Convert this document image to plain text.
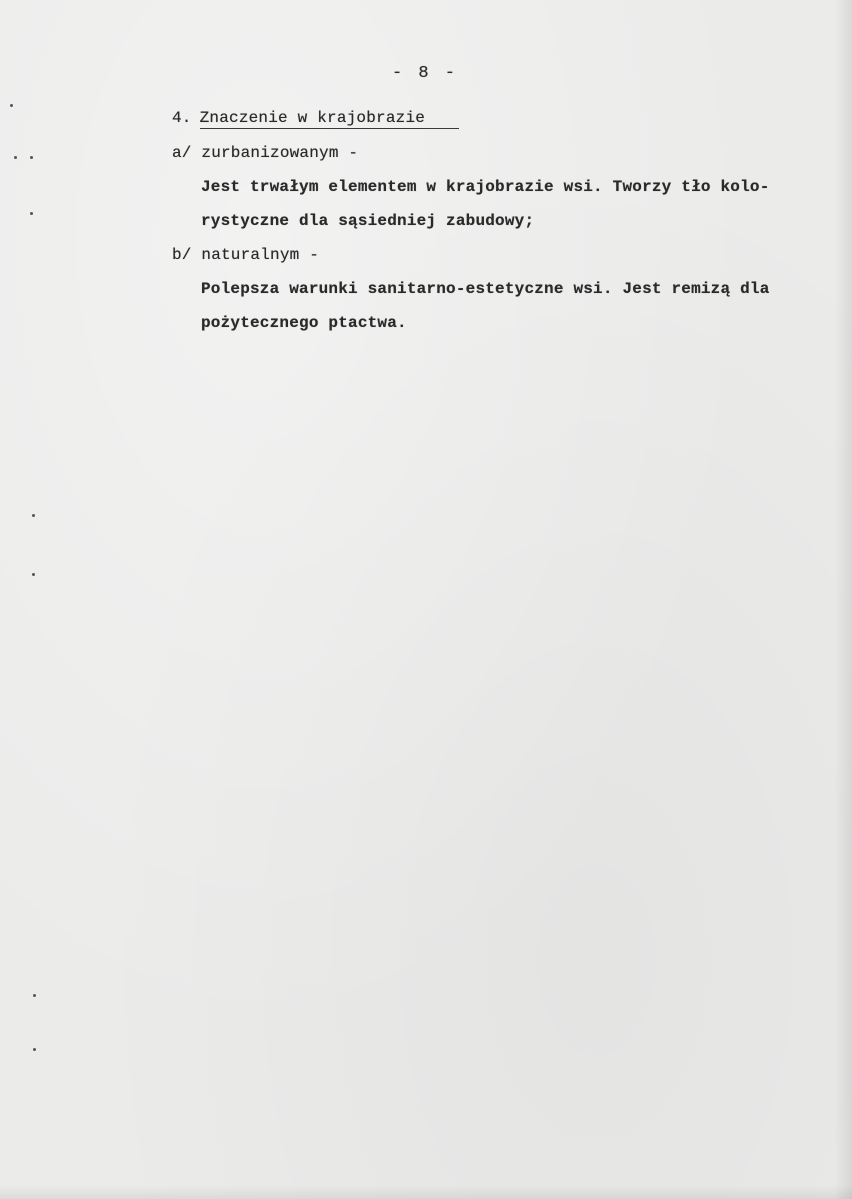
- 8 -
4. Znaczenie w krajobrazie
a/ zurbanizowanym -
Jest trwałym elementem w krajobrazie wsi. Tworzy tło kolo-
rystyczne dla sąsiedniej zabudowy;
b/ naturalnym -
Polepsza warunki sanitarno-estetyczne wsi. Jest remizą dla
pożytecznego ptactwa.
